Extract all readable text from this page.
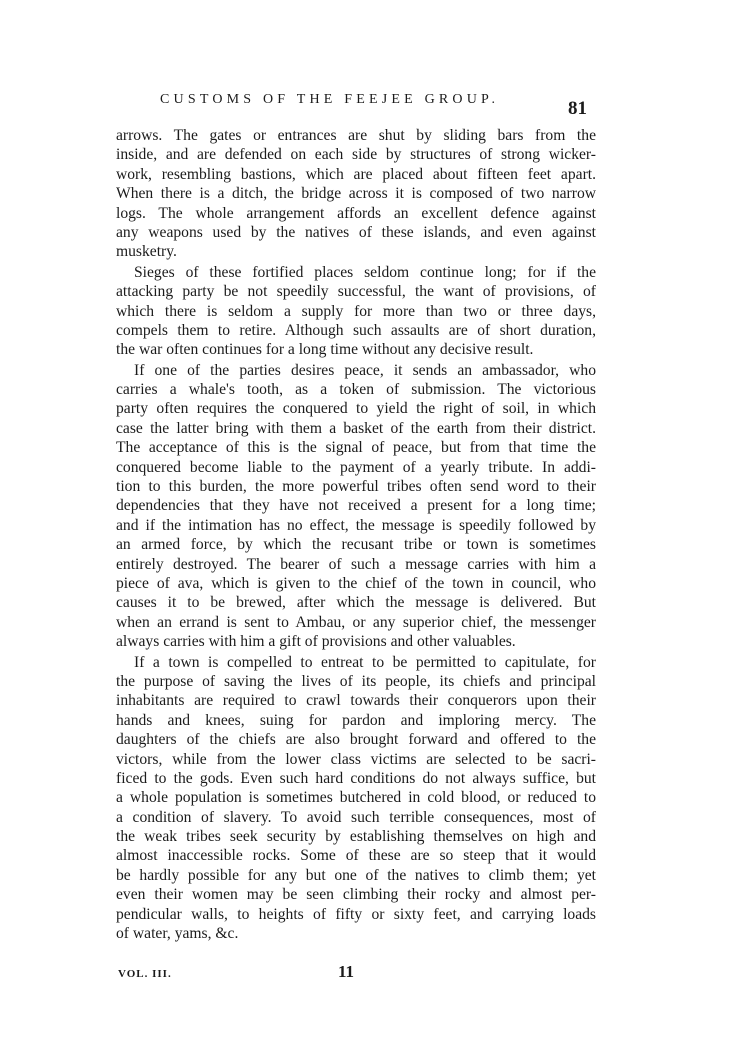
CUSTOMS OF THE FEEJEE GROUP.	81
arrows. The gates or entrances are shut by sliding bars from the
inside, and are defended on each side by structures of strong wicker-
work, resembling bastions, which are placed about fifteen feet apart.
When there is a ditch, the bridge across it is composed of two narrow
logs. The whole arrangement affords an excellent defence against
any weapons used by the natives of these islands, and even against
musketry.
Sieges of these fortified places seldom continue long; for if the
attacking party be not speedily successful, the want of provisions, of
which there is seldom a supply for more than two or three days,
compels them to retire. Although such assaults are of short duration,
the war often continues for a long time without any decisive result.
If one of the parties desires peace, it sends an ambassador, who
carries a whale's tooth, as a token of submission. The victorious
party often requires the conquered to yield the right of soil, in which
case the latter bring with them a basket of the earth from their district.
The acceptance of this is the signal of peace, but from that time the
conquered become liable to the payment of a yearly tribute. In addi-
tion to this burden, the more powerful tribes often send word to their
dependencies that they have not received a present for a long time;
and if the intimation has no effect, the message is speedily followed by
an armed force, by which the recusant tribe or town is sometimes
entirely destroyed. The bearer of such a message carries with him a
piece of ava, which is given to the chief of the town in council, who
causes it to be brewed, after which the message is delivered. But
when an errand is sent to Ambau, or any superior chief, the messenger
always carries with him a gift of provisions and other valuables.
If a town is compelled to entreat to be permitted to capitulate, for
the purpose of saving the lives of its people, its chiefs and principal
inhabitants are required to crawl towards their conquerors upon their
hands and knees, suing for pardon and imploring mercy. The
daughters of the chiefs are also brought forward and offered to the
victors, while from the lower class victims are selected to be sacri-
ficed to the gods. Even such hard conditions do not always suffice, but
a whole population is sometimes butchered in cold blood, or reduced to
a condition of slavery. To avoid such terrible consequences, most of
the weak tribes seek security by establishing themselves on high and
almost inaccessible rocks. Some of these are so steep that it would
be hardly possible for any but one of the natives to climb them; yet
even their women may be seen climbing their rocky and almost per-
pendicular walls, to heights of fifty or sixty feet, and carrying loads
of water, yams, &c.
VOL. III.	11
